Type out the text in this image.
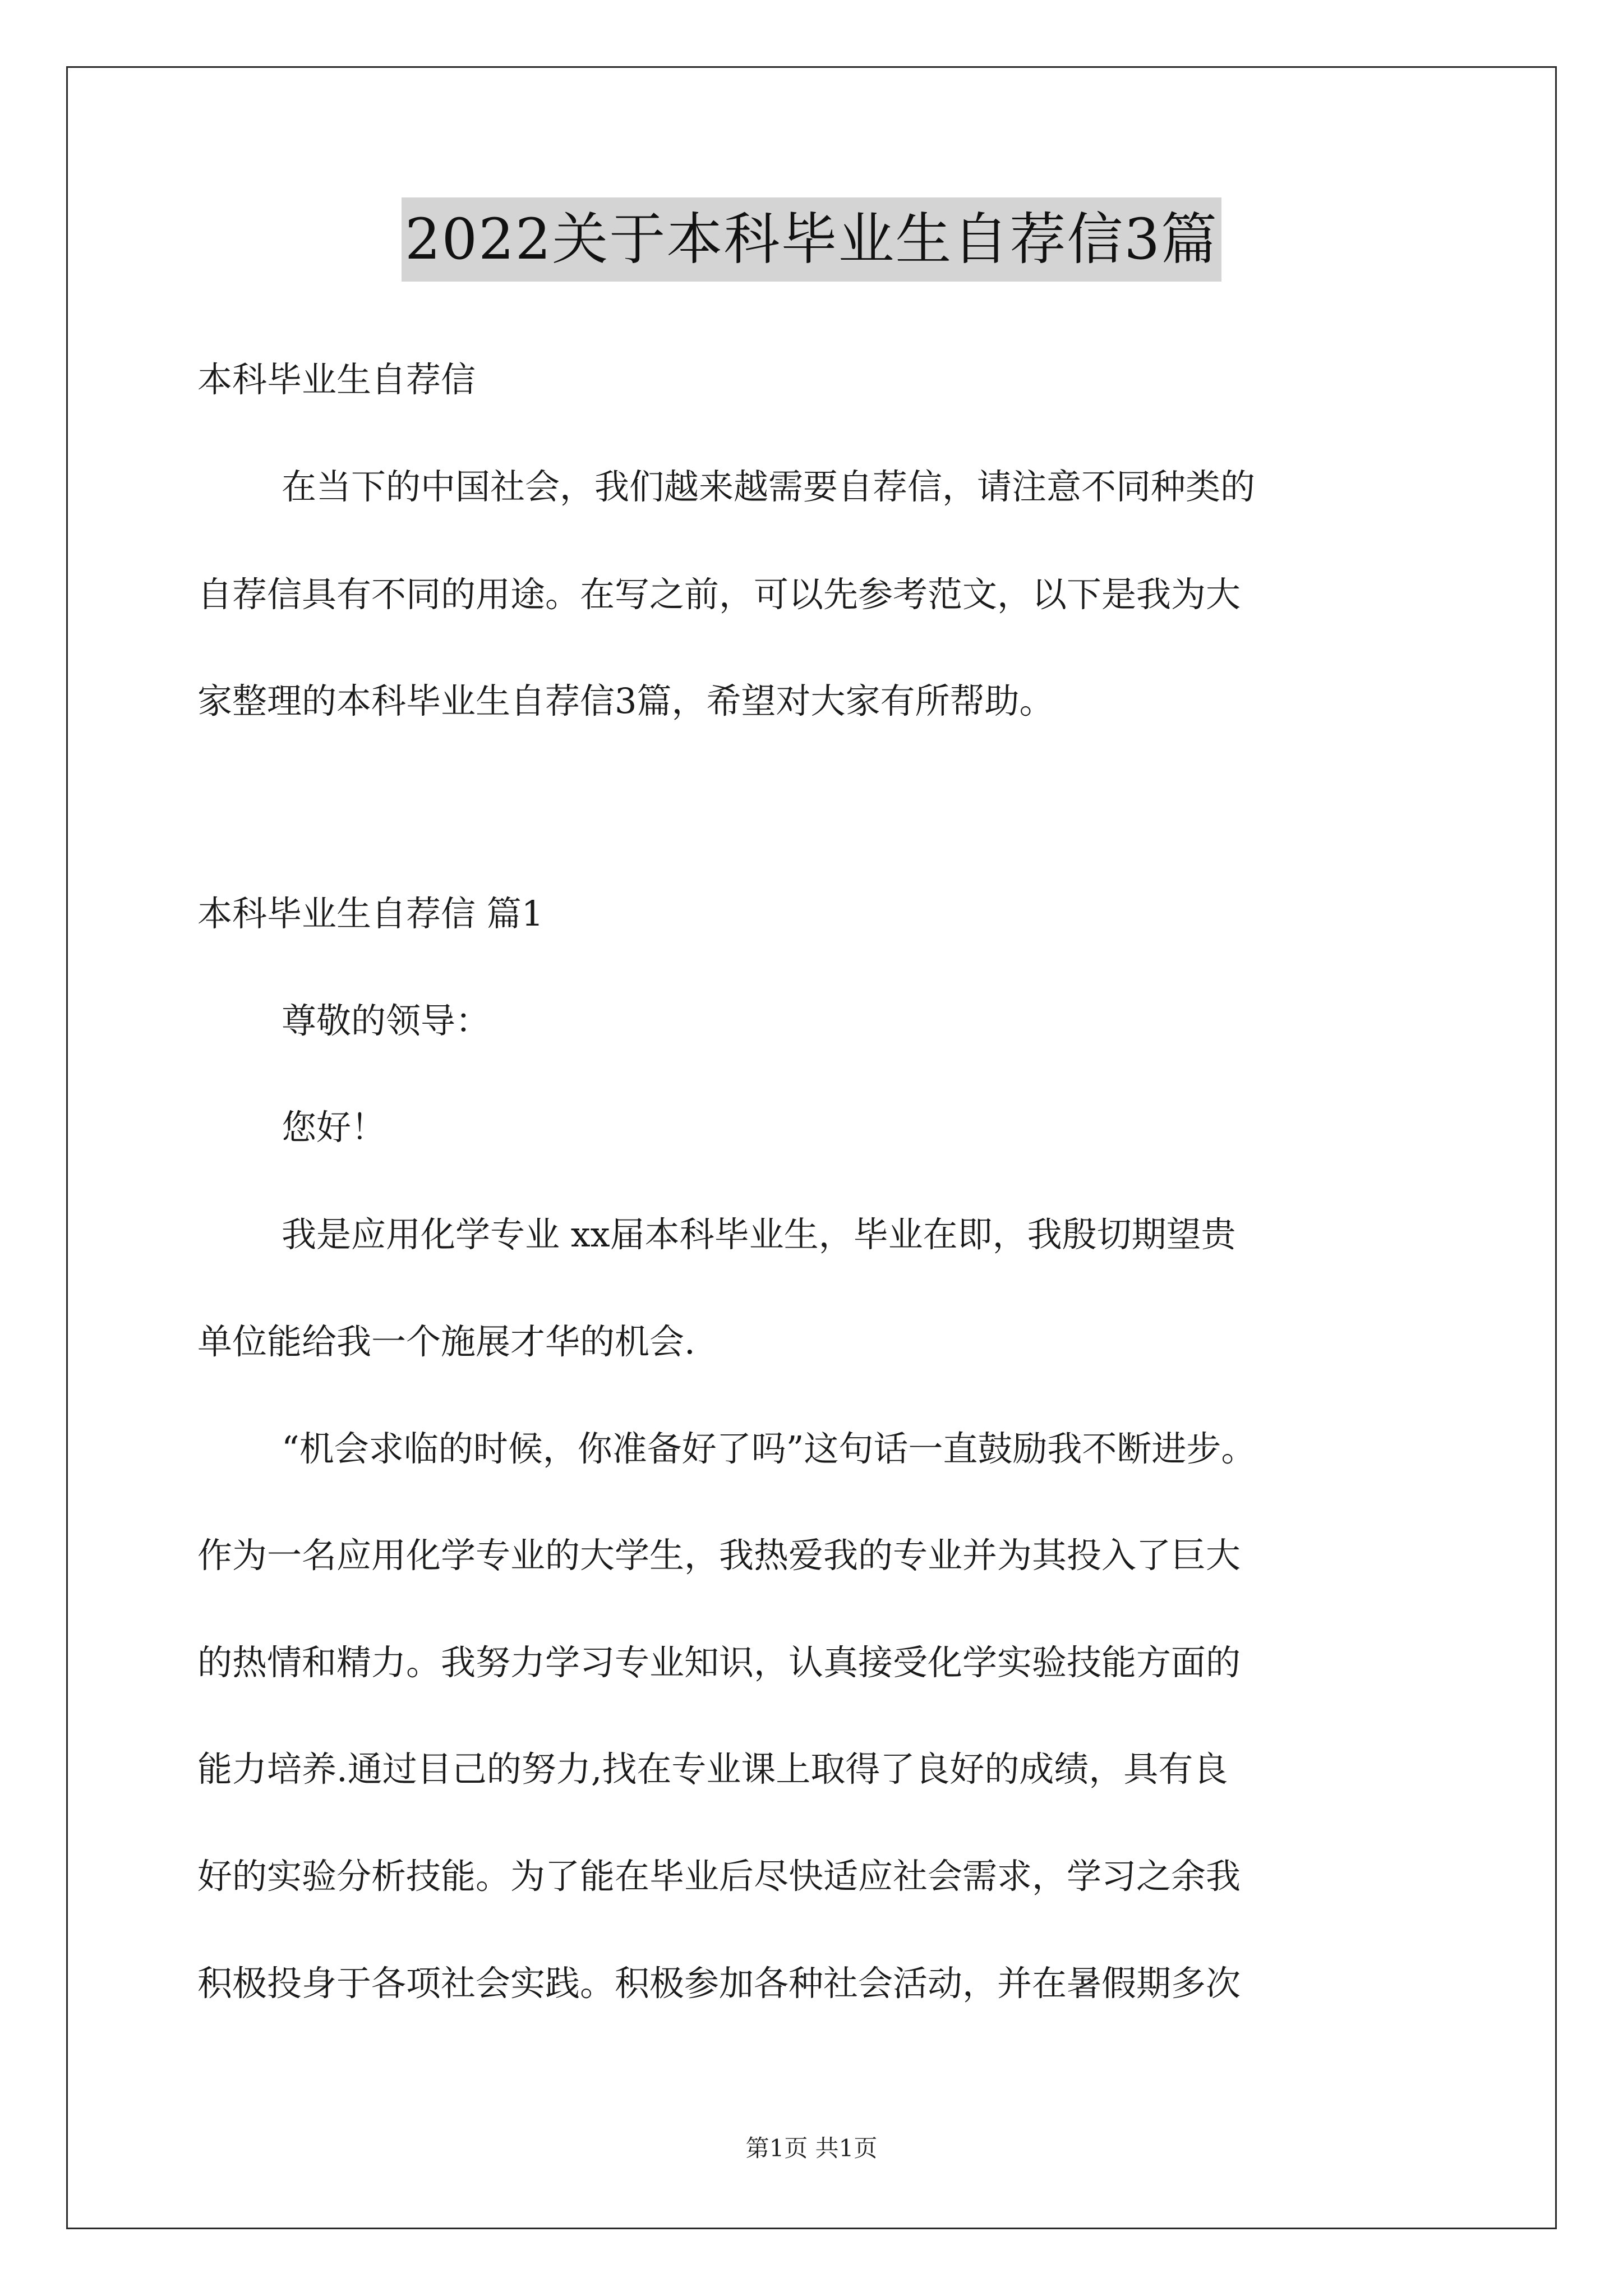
2022关于本科毕业生自荐信3篇
本科毕业生自荐信
在当下的中国社会，我们越来越需要自荐信，请注意不同种类的
自荐信具有不同的用途。在写之前，可以先参考范文，以下是我为大
家整理的本科毕业生自荐信3篇，希望对大家有所帮助。
本科毕业生自荐信 篇1
尊敬的领导：
您好！
我是应用化学专业 xx届本科毕业生，毕业在即，我殷切期望贵
单位能给我一个施展才华的机会.
“机会求临的时候，你准备好了吗”这句话一直鼓励我不断进步。
作为一名应用化学专业的大学生，我热爱我的专业并为其投入了巨大
的热情和精力。我努力学习专业知识，认真接受化学实验技能方面的
能力培养.通过目己的努力,找在专业课上取得了良好的成绩，具有良
好的实验分析技能。为了能在毕业后尽快适应社会需求，学习之余我
积极投身于各项社会实践。积极参加各种社会活动，并在暑假期多次
第1页 共1页
